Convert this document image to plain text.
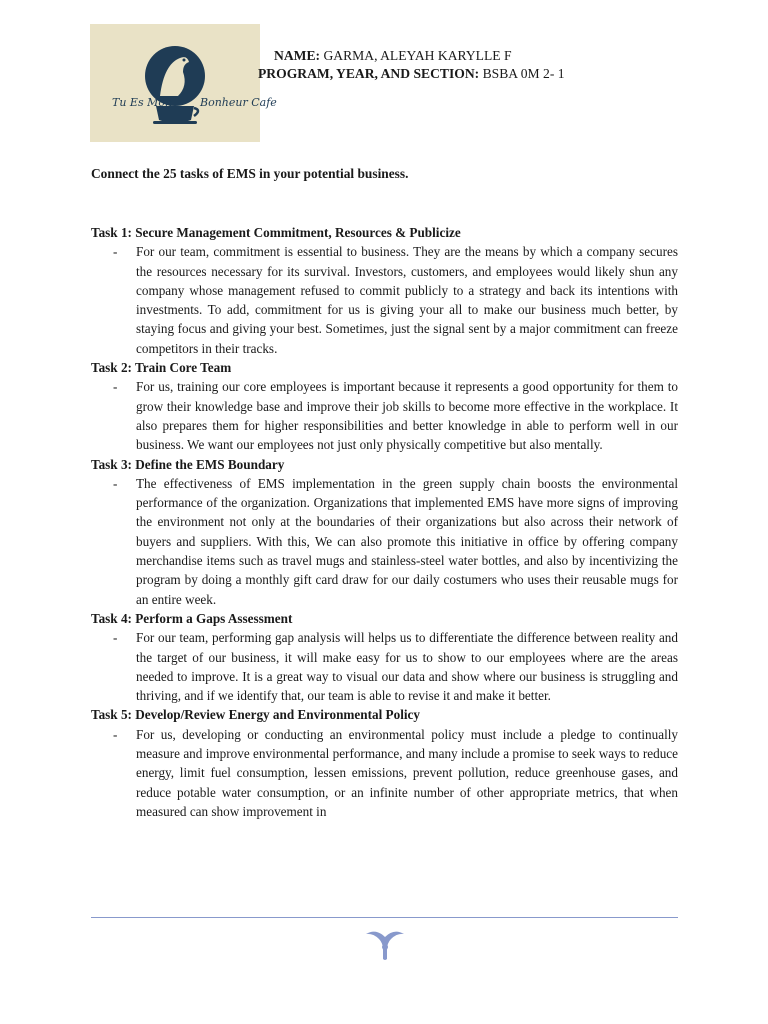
Tu Es Mon	Bonheur Cafe
NAME: GARMA, ALEYAH KARYLLE F
PROGRAM, YEAR, AND SECTION: BSBA 0M 2- 1
Connect the 25 tasks of EMS in your potential business.

Task 1: Secure Management Commitment, Resources & Publicize

- For our team, commitment is essential to business. They are the means by which a company secures the resources necessary for its survival. Investors, customers, and employees would likely shun any company whose management refused to commit publicly to a strategy and back its intentions with investments. To add, commitment for us is giving your all to make our business much better, by staying focus and giving your best. Sometimes, just the signal sent by a major commitment can freeze competitors in their tracks.

Task 2: Train Core Team

- For us, training our core employees is important because it represents a good opportunity for them to grow their knowledge base and improve their job skills to become more effective in the workplace. It also prepares them for higher responsibilities and better knowledge in able to perform well in our business. We want our employees not just only physically competitive but also mentally.

Task 3: Define the EMS Boundary

- The effectiveness of EMS implementation in the green supply chain boosts the environmental performance of the organization. Organizations that implemented EMS have more signs of improving the environment not only at the boundaries of their organizations but also across their network of buyers and suppliers. With this, We can also promote this initiative in office by offering company merchandise items such as travel mugs and stainless-steel water bottles, and also by incentivizing the program by doing a monthly gift card draw for our daily costumers who uses their reusable mugs for an entire week.

Task 4: Perform a Gaps Assessment

- For our team, performing gap analysis will helps us to differentiate the difference between reality and the target of our business, it will make easy for us to show to our employees where are the areas needed to improve. It is a great way to visual our data and show where our business is struggling and thriving, and if we identify that, our team is able to revise it and make it better.

Task 5: Develop/Review Energy and Environmental Policy

- For us, developing or conducting an environmental policy must include a pledge to continually measure and improve environmental performance, and many include a promise to seek ways to reduce energy, limit fuel consumption, lessen emissions, prevent pollution, reduce greenhouse gases, and reduce potable water consumption, or an infinite number of other appropriate metrics, that when measured can show improvement in
